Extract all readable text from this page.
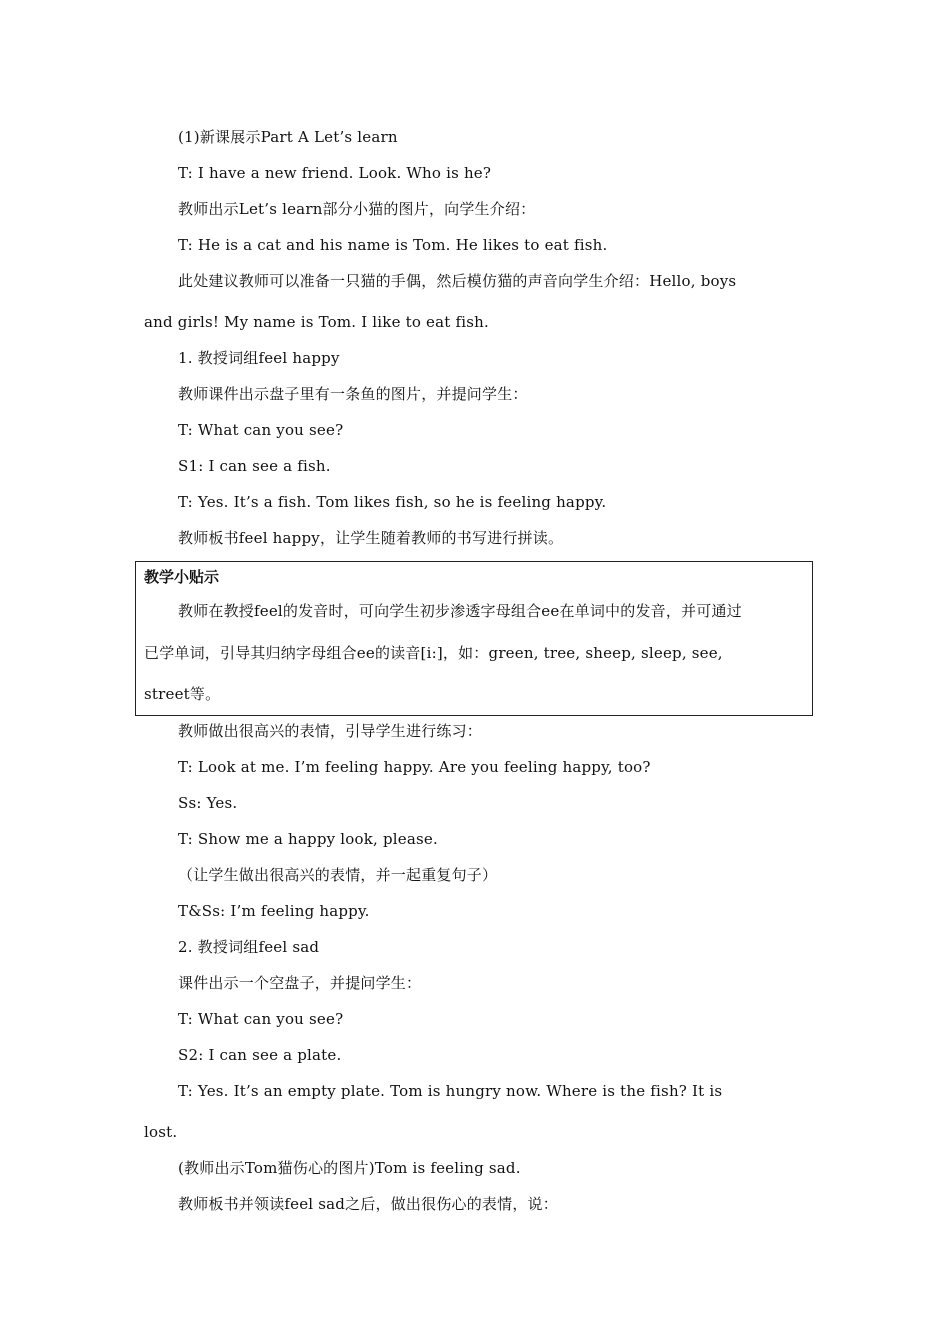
(1)新课展示Part A Let’s learn
T: I have a new friend. Look. Who is he?
教师出示Let’s learn部分小猫的图片，向学生介绍：
T: He is a cat and his name is Tom. He likes to eat fish.
此处建议教师可以准备一只猫的手偶，然后模仿猫的声音向学生介绍：Hello, boys
and girls! My name is Tom. I like to eat fish.
1. 教授词组feel happy
教师课件出示盘子里有一条鱼的图片，并提问学生：
T: What can you see?
S1: I can see a fish.
T: Yes. It’s a fish. Tom likes fish, so he is feeling happy.
教师板书feel happy，让学生随着教师的书写进行拼读。
教学小贴示
教师在教授feel的发音时，可向学生初步渗透字母组合ee在单词中的发音，并可通过
已学单词，引导其归纳字母组合ee的读音[i:]，如：green, tree, sheep, sleep, see,
street等。
教师做出很高兴的表情，引导学生进行练习：
T: Look at me. I’m feeling happy. Are you feeling happy, too?
Ss: Yes.
T: Show me a happy look, please.
（让学生做出很高兴的表情，并一起重复句子）
T&Ss: I’m feeling happy.
2. 教授词组feel sad
课件出示一个空盘子，并提问学生：
T: What can you see?
S2: I can see a plate.
T: Yes. It’s an empty plate. Tom is hungry now. Where is the fish? It is
lost.
(教师出示Tom猫伤心的图片)Tom is feeling sad.
教师板书并领读feel sad之后，做出很伤心的表情，说：
